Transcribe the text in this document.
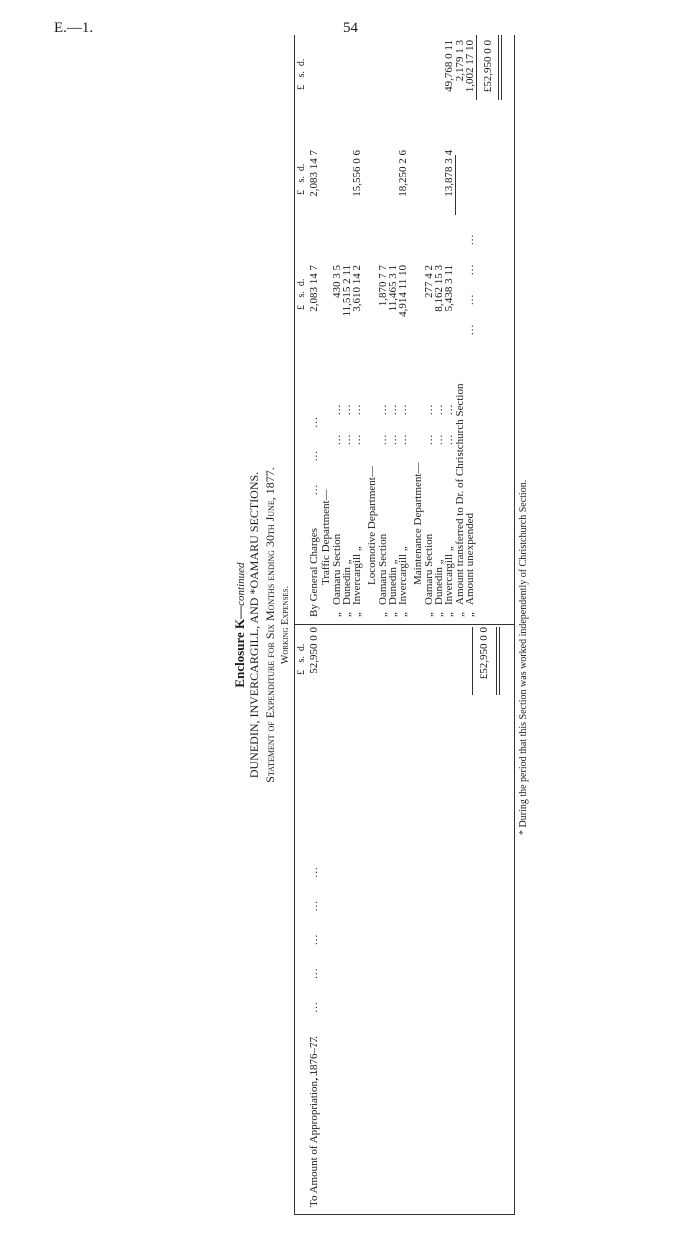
E.—1.	54
Enclosure K—continued DUNEDIN, INVERCARGILL, AND *OAMARU SECTIONS. Statement of Expenditure for Six Months ending 30th June, 1877. Working Expenses. £   s.  d.
£   s.  d.
£   s.  d.
£   s.  d.
To Amount of Appropriation, 1876–77
...      ...      ...      ...      ...      ...      ...
52,950 0 0	£52,950 0 0
By General Charges
...      ...      ...
2,083 14 7
2,083 14 7
Traffic Department—
„Oamaru Section
„Dunedin „
„Invercargill „
...     ...
...     ...
...     ...
430 3 5
11,515 2 11
3,610 14 2
15,556 0 6
Locomotive Department—
„Oamaru Section
„Dunedin „
„Invercargill „
...     ...
...     ...
...     ...
1,870 7 7
11,465 3 1
4,914 11 10
18,250 2 6
Maintenance Department—
„Oamaru Section
„Dunedin „
„Invercargill „
...     ...
...     ...
...     ...
277 4 2
8,162 15 3
5,438 3 11
13,878 3 4
„Amount transferred to Dr. of Christchurch Section
„Amount unexpended
...     ...     ...     ...
49,768 0 11 2,179 1 3
1,002 17 10 £52,950 0 0
* During the period that this Section was worked independently of Christchurch Section.
